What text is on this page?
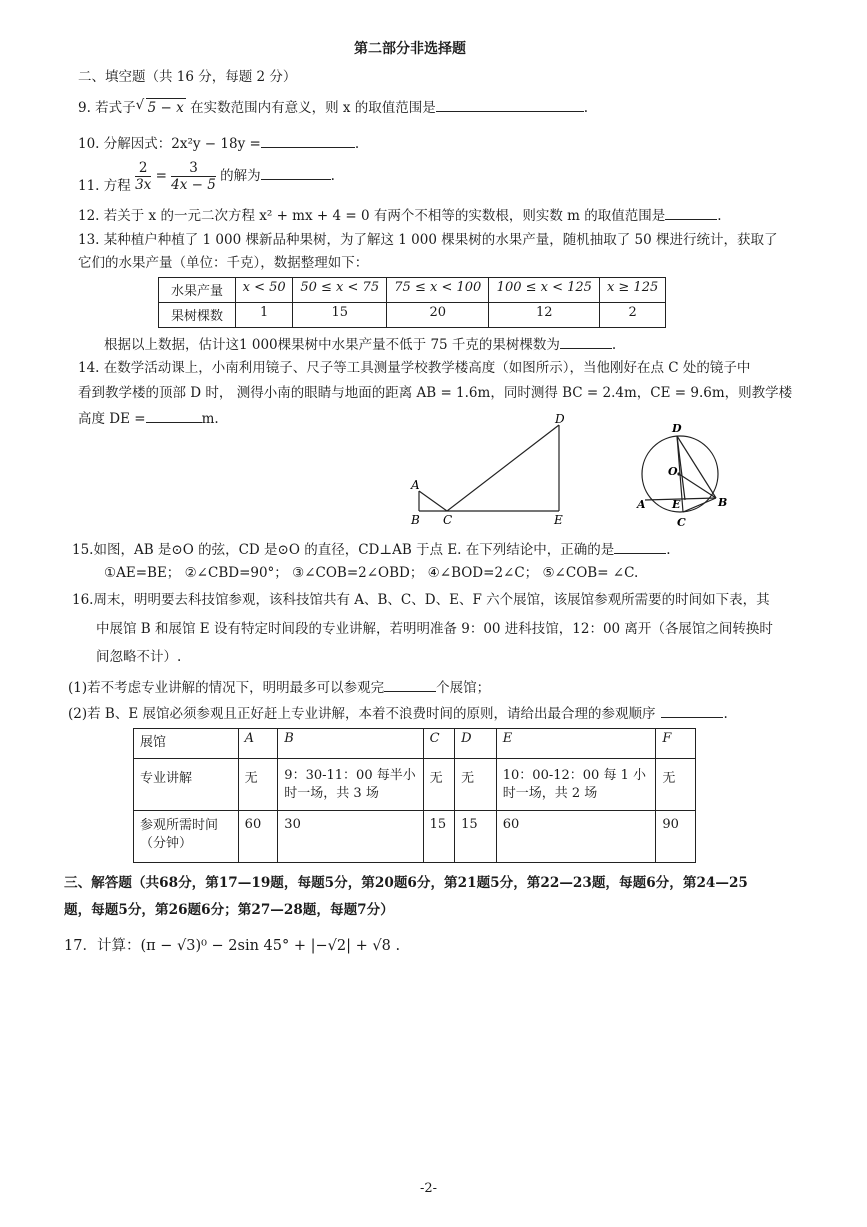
第二部分非选择题
二、填空题（共 16 分，每题 2 分）
9. 若式子 √ 5 − x 在实数范围内有意义，则 x 的取值范围是	.
10. 分解因式：2x²y − 18y =	.
11. 方程 $\frac{2}{3x} = \frac{3}{4x - 5}$ 的解为	.
12. 若关于 x 的一元二次方程 x² + mx + 4 = 0 有两个不相等的实数根，则实数 m 的取值范围是	.
13. 某种植户种植了 1 000 棵新品种果树，为了解这 1 000 棵果树的水果产量，随机抽取了 50 棵进行统计，获取了
它们的水果产量（单位：千克），数据整理如下：
水果产量	x < 50	50 ≤ x < 75	75 ≤ x < 100	100 ≤ x < 125	x ≥ 125
果树棵数	1	15	20	12	2
根据以上数据，估计这1 000棵果树中水果产量不低于 75 千克的果树棵数为	.
14. 在数学活动课上，小南利用镜子、尺子等工具测量学校教学楼高度（如图所示），当他刚好在点 C 处的镜子中
看到教学楼的顶部 D 时， 测得小南的眼睛与地面的距离 AB = 1.6m，同时测得 BC = 2.4m，CE = 9.6m，则教学楼
高度 DE =	m.
A
B C
D
E
D
O
A E	B
C
15.如图，AB 是⊙O 的弦，CD 是⊙O 的直径，CD⊥AB 于点 E. 在下列结论中，正确的是	.
①AE=BE； ②∠CBD=90°； ③∠COB=2∠OBD； ④∠BOD=2∠C； ⑤∠COB= ∠C.
16.周末，明明要去科技馆参观，该科技馆共有 A、B、C、D、E、F 六个展馆，该展馆参观所需要的时间如下表，其
中展馆 B 和展馆 E 设有特定时间段的专业讲解，若明明准备 9：00 进科技馆，12：00 离开（各展馆之间转换时
间忽略不计）.
(1)若不考虑专业讲解的情况下，明明最多可以参观完	个展馆；
(2)若 B、E 展馆必须参观且正好赶上专业讲解，本着不浪费时间的原则，请给出最合理的参观顺序	.
展馆	A	B	C	D	E	F
专业讲解	无	9：30-11：00 每半小时一场，共 3 场	无	无	10：00-12：00 每 1 小时一场，共 2 场	无
参观所需时间（分钟）	60	30	15	15	60	90
三、解答题（共68分，第17—19题，每题5分，第20题6分，第21题5分，第22—23题，每题6分，第24—25
题，每题5分，第26题6分；第27—28题，每题7分）
17．计算：(π − √3)⁰ − 2sin 45° + |−√2| + √8 .
-2-
